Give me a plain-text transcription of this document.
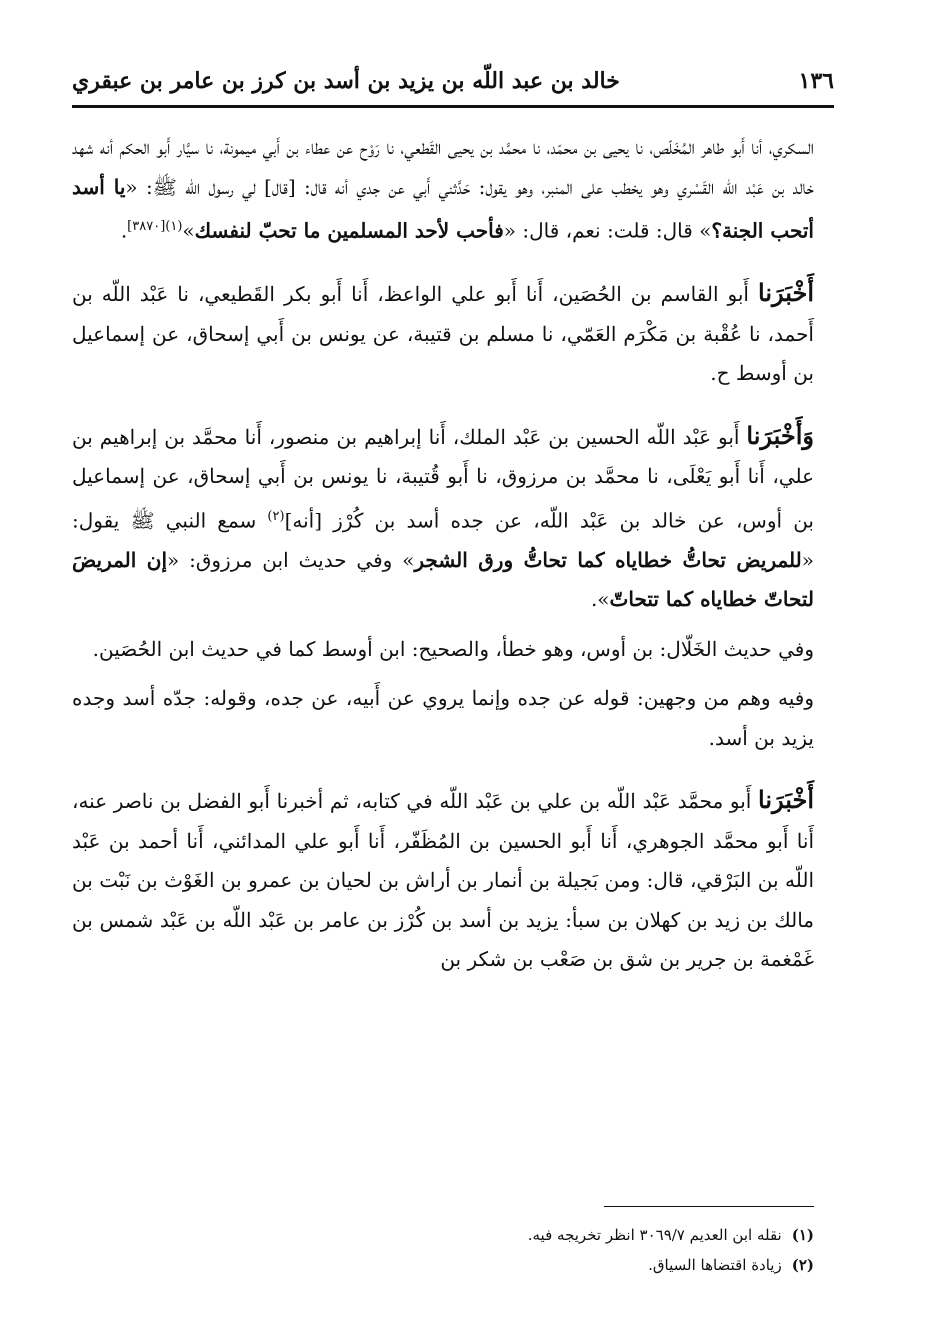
١٣٦
خالد بن عبد اللّه بن يزيد بن أسد بن كرز بن عامر بن عبقري

السكري، أنا أَبو طاهر المُخَلّص، نا يحيى بن محمّد، نا محمَّد بن يحيى القَطعي، نا رَوْح عن عطاء بن أَبي ميمونة، نا سيَّار أَبو الحكم أنه شهد خالد بن عَبْد اللّه القَسْري وهو يخطب على المنبر، وهو يقول: حَدَّثني أَبي عن جدي أنه قال: [قال] لي رسول الله ﷺ: «يا أسد أتحب الجنة؟» قال: قلت: نعم، قال: «فأحب لأحد المسلمين ما تحبّ لنفسك»$^{(١)[٣٨٧٠]}$.

أَخْبَرَنا أَبو القاسم بن الحُصَين، أَنا أَبو علي الواعظ، أَنا أَبو بكر القَطيعي، نا عَبْد اللّه بن أَحمد، نا عُقْبة بن مَكْرَم العَمّي، نا مسلم بن قتيبة، عن يونس بن أَبي إسحاق، عن إسماعيل بن أوسط ح.

وَأَخْبَرَنا أَبو عَبْد اللّه الحسين بن عَبْد الملك، أَنا إبراهيم بن منصور، أَنا محمَّد بن إبراهيم بن علي، أَنا أَبو يَعْلَى، نا محمَّد بن مرزوق، نا أَبو قُتيبة، نا يونس بن أَبي إسحاق، عن إسماعيل بن أوس، عن خالد بن عَبْد اللّه، عن جده أسد بن كُرْز [أنه]$^{(٢)}$ سمع النبي ﷺ يقول: «للمريض تحاتُّ خطاياه كما تحاتُّ ورق الشجر» وفي حديث ابن مرزوق: «إن المريضَ لتحاتّ خطاياه كما تتحاتّ».

وفي حديث الخَلّال: بن أوس، وهو خطأ، والصحيح: ابن أوسط كما في حديث ابن الحُصَين.

وفيه وهم من وجهين: قوله عن جده وإنما يروي عن أَبيه، عن جده، وقوله: جدّه أسد وجده يزيد بن أسد.

أَخْبَرَنا أَبو محمَّد عَبْد اللّه بن علي بن عَبْد اللّه في كتابه، ثم أخبرنا أَبو الفضل بن ناصر عنه، أَنا أَبو محمَّد الجوهري، أَنا أَبو الحسين بن المُظَفّر، أَنا أَبو علي المدائني، أَنا أحمد بن عَبْد اللّه بن البَرْقي، قال: ومن بَجيلة بن أنمار بن أراش بن لحيان بن عمرو بن الغَوْث بن نَبْت بن مالك بن زيد بن كهلان بن سبأ: يزيد بن أسد بن كُرْز بن عامر بن عَبْد اللّه بن عَبْد شمس بن غَمْغمة بن جرير بن شق بن صَعْب بن شكر بن

(١)نقله ابن العديم ٣٠٦٩/٧ انظر تخريجه فيه.

(٢)زيادة اقتضاها السياق.
